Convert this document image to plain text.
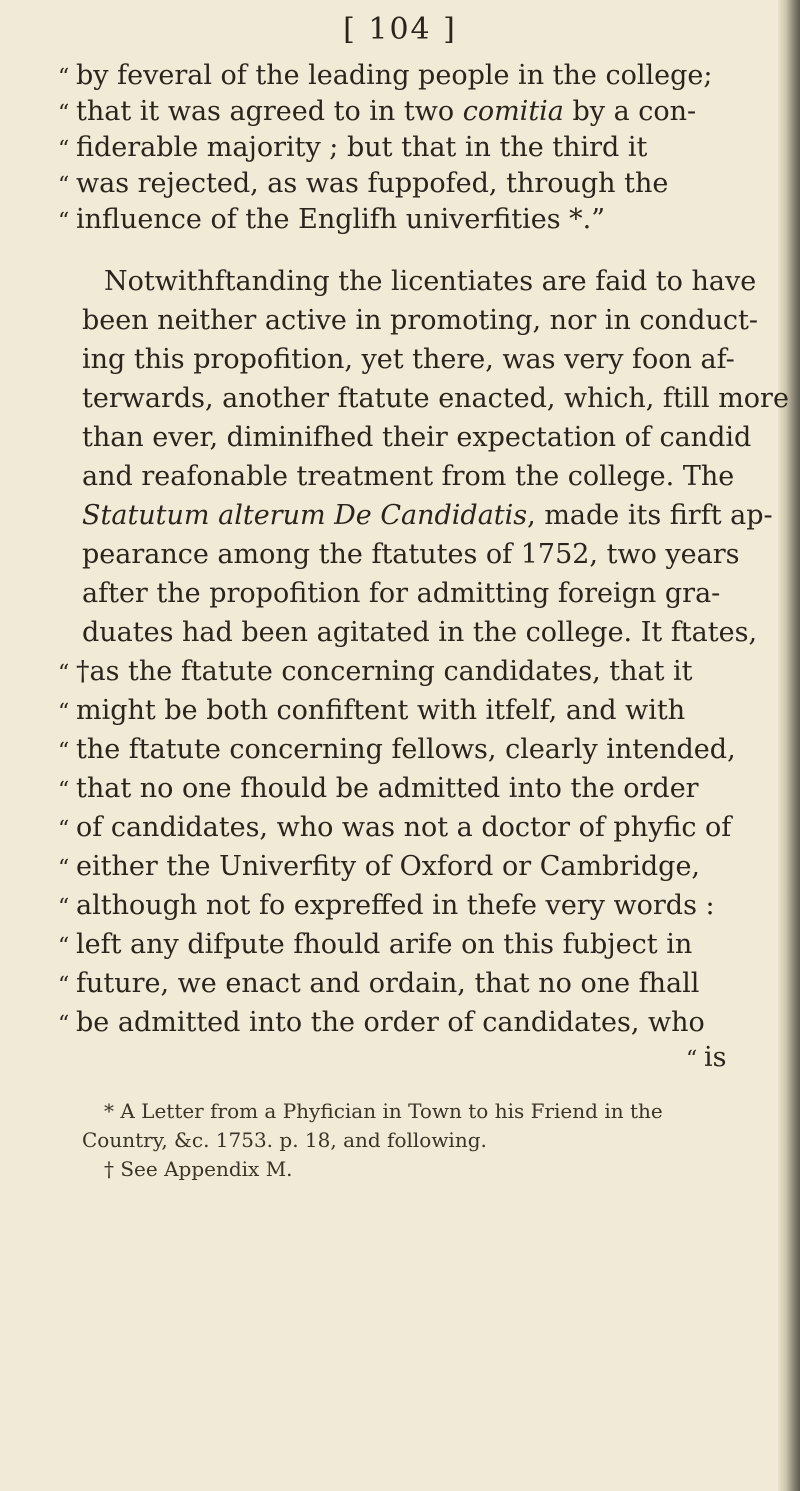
[ 104 ]
“ by feveral of the leading people in the college;
“ that it was agreed to in two comitia by a con-
“ fiderable majority ; but that in the third it
“ was rejected, as was fuppofed, through the
“ influence of the Englifh univerfities *.”
Notwithftanding the licentiates are faid to have
been neither active in promoting, nor in conduct-
ing this propofition, yet there, was very foon af-
terwards, another ftatute enacted, which, ftill more
than ever, diminifhed their expectation of candid
and reafonable treatment from the college. The
Statutum alterum De Candidatis, made its firft ap-
pearance among the ftatutes of 1752, two years
after the propofition for admitting foreign gra-
duates had been agitated in the college. It ftates,
“ †as the ftatute concerning candidates, that it
“ might be both confiftent with itfelf, and with
“ the ftatute concerning fellows, clearly intended,
“ that no one fhould be admitted into the order
“ of candidates, who was not a doctor of phyfic of
“ either the Univerfity of Oxford or Cambridge,
“ although not fo expreffed in thefe very words :
“ left any difpute fhould arife on this fubject in
“ future, we enact and ordain, that no one fhall
“ be admitted into the order of candidates, who
“ is
* A Letter from a Phyfician in Town to his Friend in the
Country, &c. 1753. p. 18, and following.
† See Appendix M.
